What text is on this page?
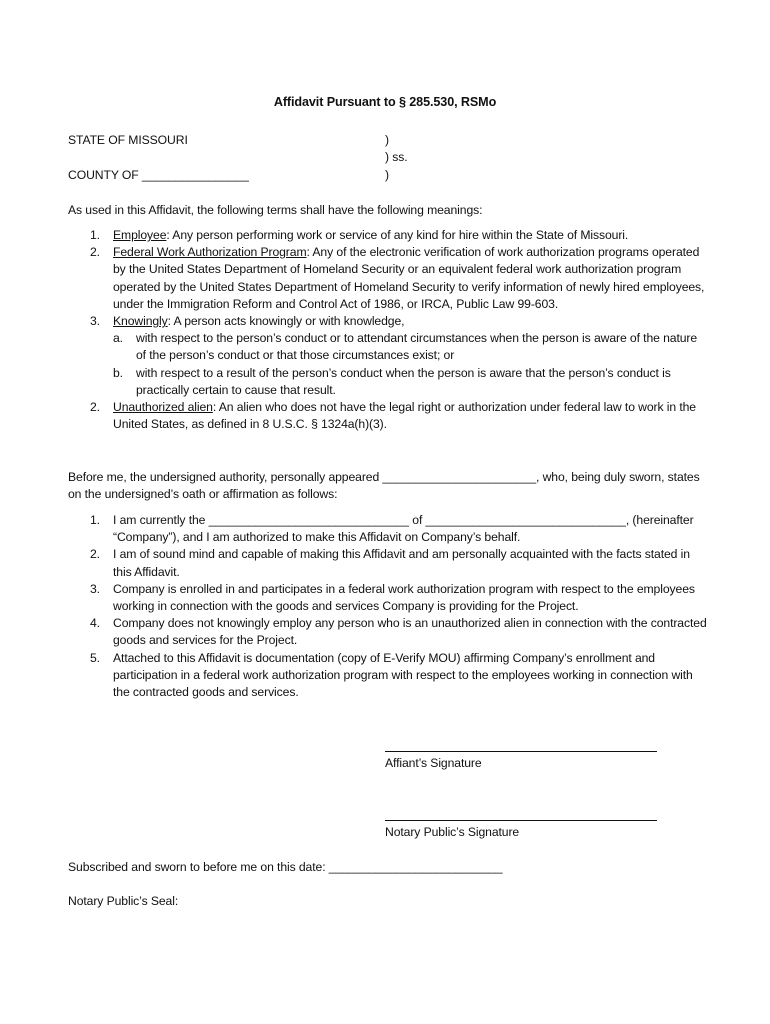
Affidavit Pursuant to § 285.530, RSMo
STATE OF MISSOURI	)
) ss.
COUNTY OF ________________	)
As used in this Affidavit, the following terms shall have the following meanings:
1. Employee: Any person performing work or service of any kind for hire within the State of Missouri.
2. Federal Work Authorization Program: Any of the electronic verification of work authorization programs operated by the United States Department of Homeland Security or an equivalent federal work authorization program operated by the United States Department of Homeland Security to verify information of newly hired employees, under the Immigration Reform and Control Act of 1986, or IRCA, Public Law 99-603.
3. Knowingly: A person acts knowingly or with knowledge,
a. with respect to the person’s conduct or to attendant circumstances when the person is aware of the nature of the person’s conduct or that those circumstances exist; or
b. with respect to a result of the person’s conduct when the person is aware that the person’s conduct is practically certain to cause that result.
2. Unauthorized alien: An alien who does not have the legal right or authorization under federal law to work in the United States, as defined in 8 U.S.C. § 1324a(h)(3).
Before me, the undersigned authority, personally appeared _______________________, who, being duly sworn, states on the undersigned’s oath or affirmation as follows:
1. I am currently the ______________________________ of ______________________________, (hereinafter “Company”), and I am authorized to make this Affidavit on Company’s behalf.
2. I am of sound mind and capable of making this Affidavit and am personally acquainted with the facts stated in this Affidavit.
3. Company is enrolled in and participates in a federal work authorization program with respect to the employees working in connection with the goods and services Company is providing for the Project.
4. Company does not knowingly employ any person who is an unauthorized alien in connection with the contracted goods and services for the Project.
5. Attached to this Affidavit is documentation (copy of E-Verify MOU) affirming Company’s enrollment and participation in a federal work authorization program with respect to the employees working in connection with the contracted goods and services.
Affiant’s Signature
Notary Public’s Signature
Subscribed and sworn to before me on this date: __________________________
Notary Public’s Seal:
